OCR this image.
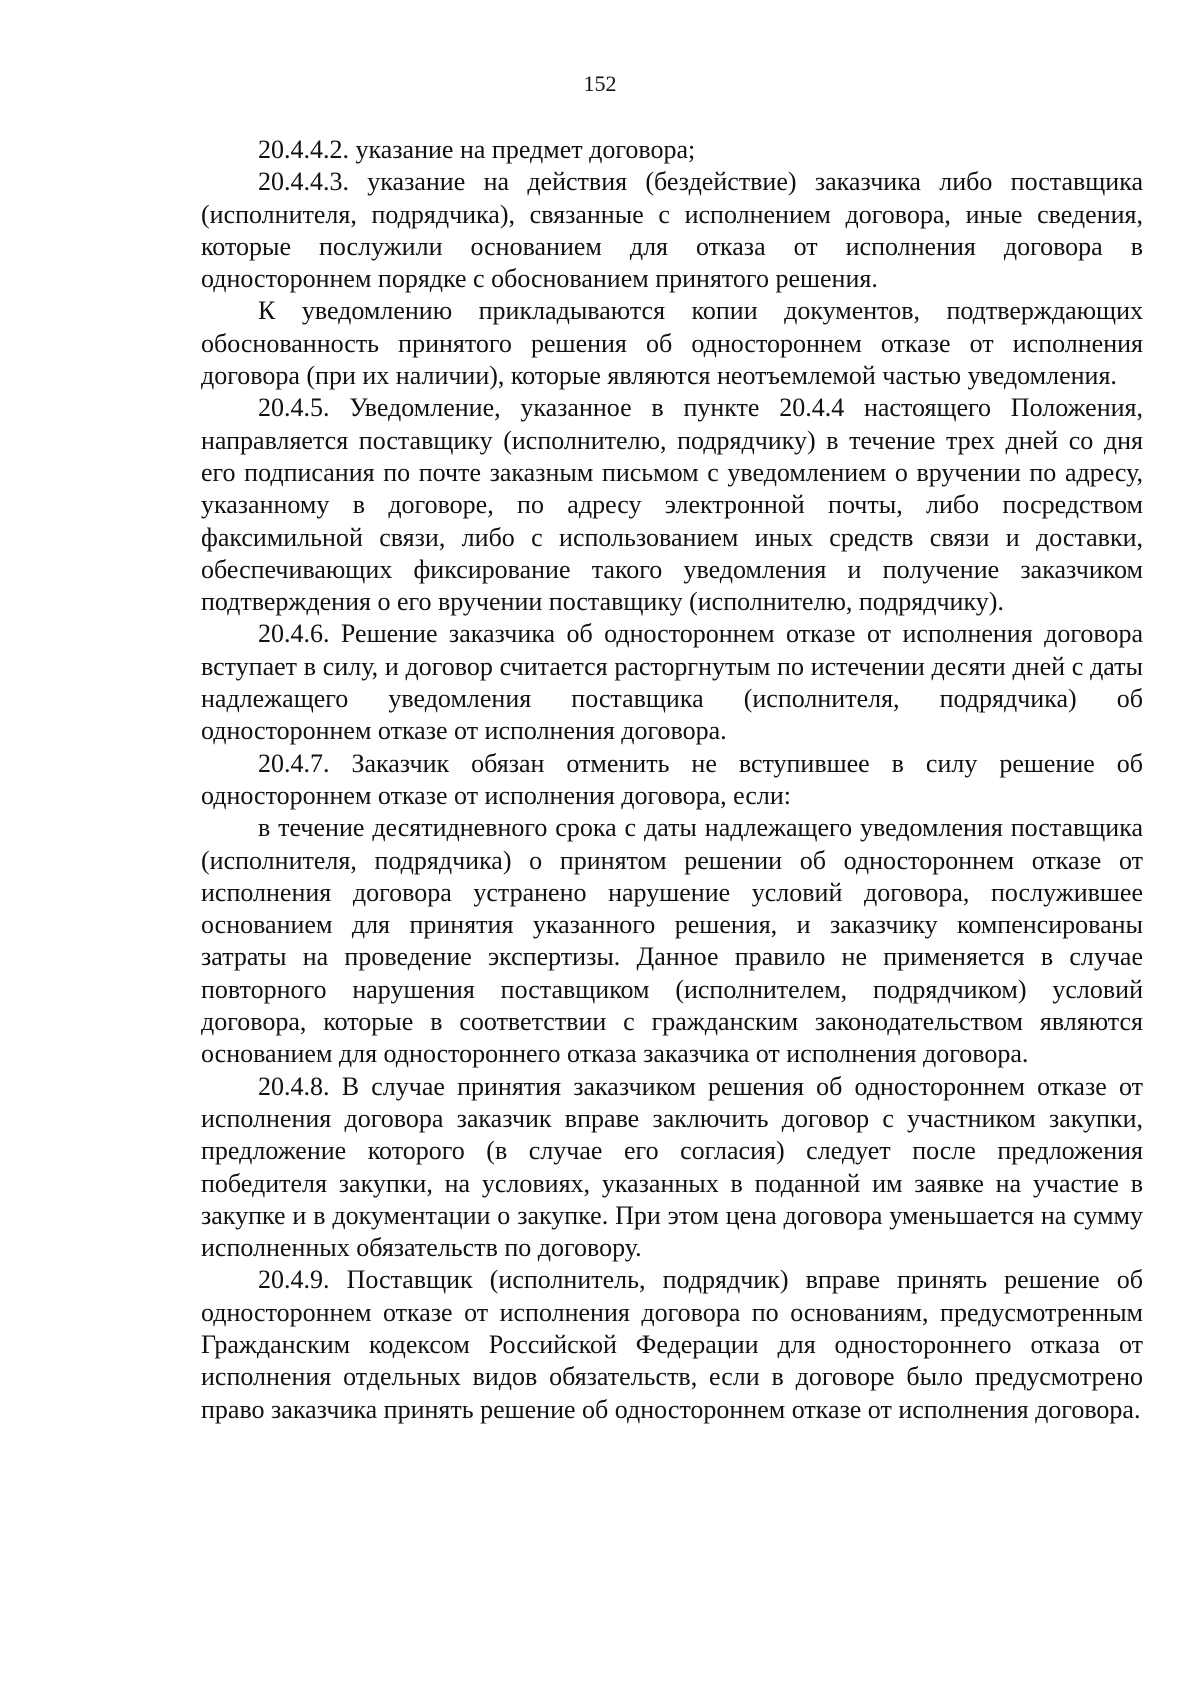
152

20.4.4.2. указание на предмет договора;

20.4.4.3. указание на действия (бездействие) заказчика либо поставщика (исполнителя, подрядчика), связанные с исполнением договора, иные сведения, которые послужили основанием для отказа от исполнения договора в одностороннем порядке с обоснованием принятого решения.

К уведомлению прикладываются копии документов, подтверждающих обоснованность принятого решения об одностороннем отказе от исполнения договора (при их наличии), которые являются неотъемлемой частью уведомления.

20.4.5. Уведомление, указанное в пункте 20.4.4 настоящего Положения, направляется поставщику (исполнителю, подрядчику) в течение трех дней со дня его подписания по почте заказным письмом с уведомлением о вручении по адресу, указанному в договоре, по адресу электронной почты, либо посредством факсимильной связи, либо с использованием иных средств связи и доставки, обеспечивающих фиксирование такого уведомления и получение заказчиком подтверждения о его вручении поставщику (исполнителю, подрядчику).

20.4.6. Решение заказчика об одностороннем отказе от исполнения договора вступает в силу, и договор считается расторгнутым по истечении десяти дней с даты надлежащего уведомления поставщика (исполнителя, подрядчика) об одностороннем отказе от исполнения договора.

20.4.7. Заказчик обязан отменить не вступившее в силу решение об одностороннем отказе от исполнения договора, если:

в течение десятидневного срока с даты надлежащего уведомления поставщика (исполнителя, подрядчика) о принятом решении об одностороннем отказе от исполнения договора устранено нарушение условий договора, послужившее основанием для принятия указанного решения, и заказчику компенсированы затраты на проведение экспертизы. Данное правило не применяется в случае повторного нарушения поставщиком (исполнителем, подрядчиком) условий договора, которые в соответствии с гражданским законодательством являются основанием для одностороннего отказа заказчика от исполнения договора.

20.4.8. В случае принятия заказчиком решения об одностороннем отказе от исполнения договора заказчик вправе заключить договор с участником закупки, предложение которого (в случае его согласия) следует после предложения победителя закупки, на условиях, указанных в поданной им заявке на участие в закупке и в документации о закупке. При этом цена договора уменьшается на сумму исполненных обязательств по договору.

20.4.9. Поставщик (исполнитель, подрядчик) вправе принять решение об одностороннем отказе от исполнения договора по основаниям, предусмотренным Гражданским кодексом Российской Федерации для одностороннего отказа от исполнения отдельных видов обязательств, если в договоре было предусмотрено право заказчика принять решение об одностороннем отказе от исполнения договора.
